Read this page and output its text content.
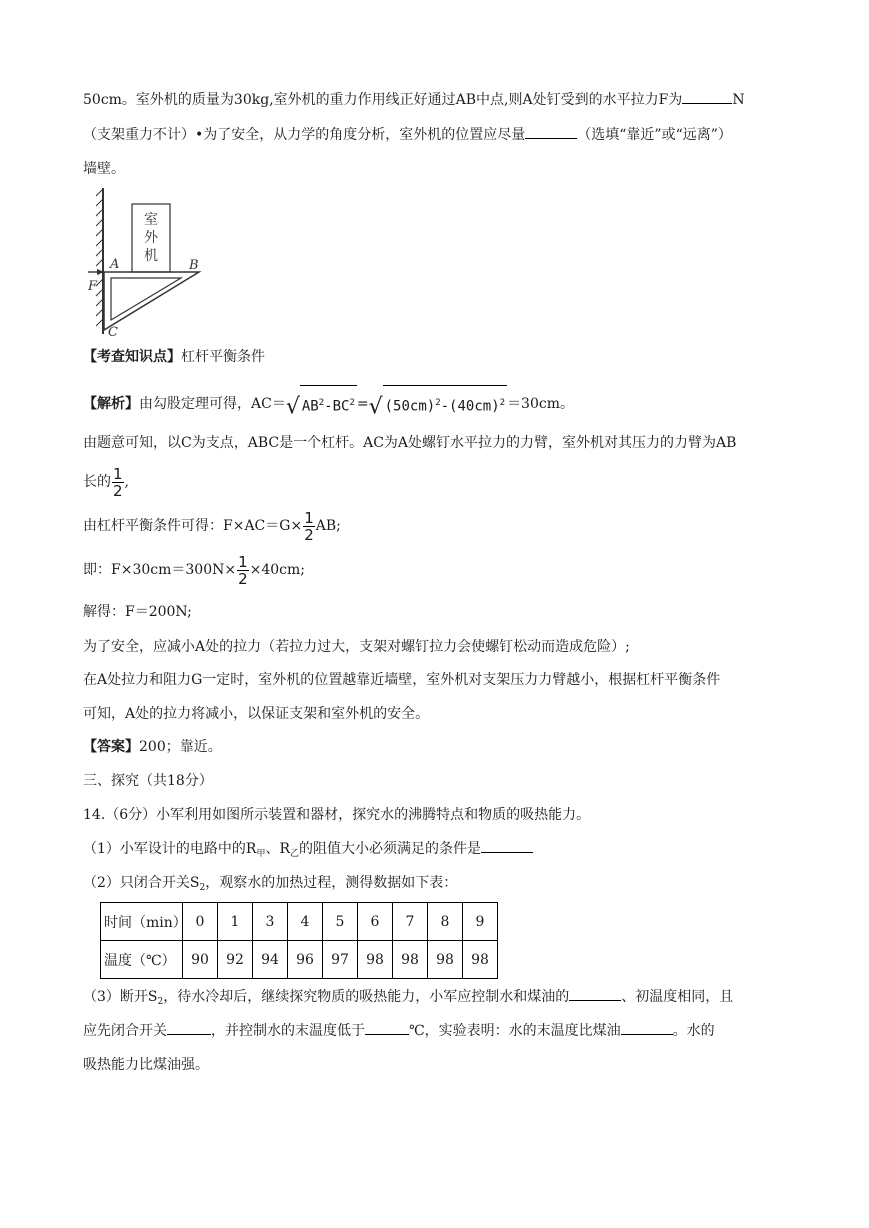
50cm。室外机的质量为30kg,室外机的重力作用线正好通过AB中点,则A处钉受到的水平拉力F为	N
（支架重力不计）•为了安全，从力学的角度分析，室外机的位置应尽量	（选填“靠近”或“远离”）
墙壁。
室
外
机
A	B
C
F
【考查知识点】杠杆平衡条件
【解析】由勾股定理可得，AC＝√ $AB^2-BC^2$ =√ $(50cm)^2-(40cm)^2 =30cm$。
由题意可知，以C为支点，ABC是一个杠杆。AC为A处螺钉水平拉力的力臂，室外机对其压力的力臂为AB
长的 $\frac{1}{2}$ ,
由杠杆平衡条件可得：$F\times AC=G\times \frac{1}{2}$ AB;
即：$F\times 30cm=300N\times \frac{1}{2} \times 40cm$;
解得：F＝200N;
为了安全，应减小A处的拉力（若拉力过大，支架对螺钉拉力会使螺钉松动而造成危险）;
在A处拉力和阻力G一定时，室外机的位置越靠近墙壁，室外机对支架压力力臂越小，根据杠杆平衡条件
可知，A处的拉力将减小，以保证支架和室外机的安全。
【答案】200；靠近。
三、探究（共18分）
14.（6分）小军利用如图所示装置和器材，探究水的沸腾特点和物质的吸热能力。
（1）小军设计的电路中的$R_甲$、$R_乙$的阻值大小必须满足的条件是
（2）只闭合开关$S_2$，观察水的加热过程，测得数据如下表：
时间（min）	0	1	3	4	5	6	7	8	9
温度（℃）	90	92	94	96	97	98	98	98	98
（3）断开$S_2$，待水冷却后，继续探究物质的吸热能力，小军应控制水和煤油的	、初温度相同，且
应先闭合开关	，并控制水的末温度低于	℃，实验表明：水的末温度比煤油	。水的
吸热能力比煤油强。
